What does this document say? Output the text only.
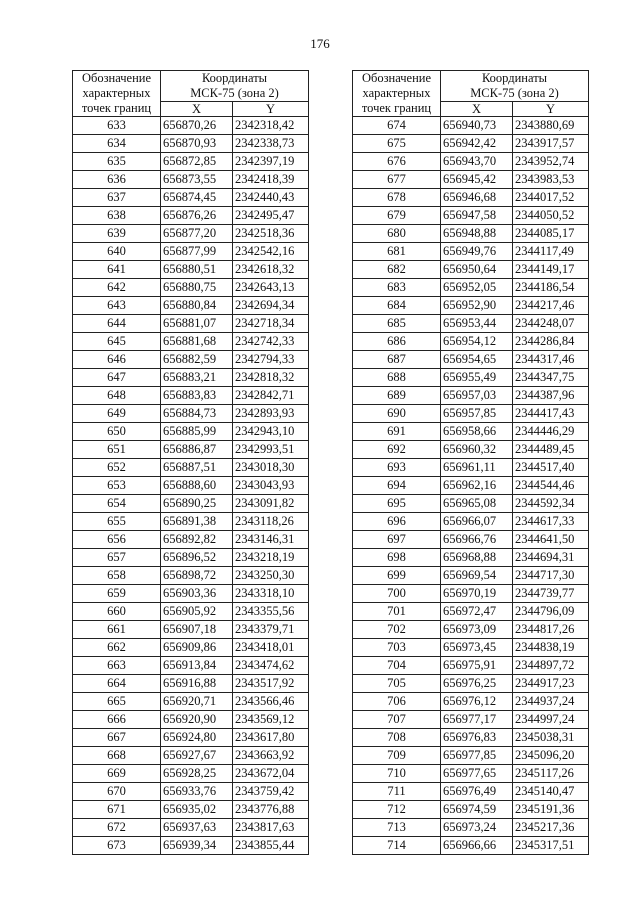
176
Обозначение
характерных
точек границ	Координаты
МСК-75 (зона 2)	
	X	Y
633	656870,26	2342318,42
634	656870,93	2342338,73
635	656872,85	2342397,19
636	656873,55	2342418,39
637	656874,45	2342440,43
638	656876,26	2342495,47
639	656877,20	2342518,36
640	656877,99	2342542,16
641	656880,51	2342618,32
642	656880,75	2342643,13
643	656880,84	2342694,34
644	656881,07	2342718,34
645	656881,68	2342742,33
646	656882,59	2342794,33
647	656883,21	2342818,32
648	656883,83	2342842,71
649	656884,73	2342893,93
650	656885,99	2342943,10
651	656886,87	2342993,51
652	656887,51	2343018,30
653	656888,60	2343043,93
654	656890,25	2343091,82
655	656891,38	2343118,26
656	656892,82	2343146,31
657	656896,52	2343218,19
658	656898,72	2343250,30
659	656903,36	2343318,10
660	656905,92	2343355,56
661	656907,18	2343379,71
662	656909,86	2343418,01
663	656913,84	2343474,62
664	656916,88	2343517,92
665	656920,71	2343566,46
666	656920,90	2343569,12
667	656924,80	2343617,80
668	656927,67	2343663,92
669	656928,25	2343672,04
670	656933,76	2343759,42
671	656935,02	2343776,88
672	656937,63	2343817,63
673	656939,34	2343855,44
Обозначение
характерных
точек границ	Координаты
МСК-75 (зона 2)	
	X	Y
674	656940,73	2343880,69
675	656942,42	2343917,57
676	656943,70	2343952,74
677	656945,42	2343983,53
678	656946,68	2344017,52
679	656947,58	2344050,52
680	656948,88	2344085,17
681	656949,76	2344117,49
682	656950,64	2344149,17
683	656952,05	2344186,54
684	656952,90	2344217,46
685	656953,44	2344248,07
686	656954,12	2344286,84
687	656954,65	2344317,46
688	656955,49	2344347,75
689	656957,03	2344387,96
690	656957,85	2344417,43
691	656958,66	2344446,29
692	656960,32	2344489,45
693	656961,11	2344517,40
694	656962,16	2344544,46
695	656965,08	2344592,34
696	656966,07	2344617,33
697	656966,76	2344641,50
698	656968,88	2344694,31
699	656969,54	2344717,30
700	656970,19	2344739,77
701	656972,47	2344796,09
702	656973,09	2344817,26
703	656973,45	2344838,19
704	656975,91	2344897,72
705	656976,25	2344917,23
706	656976,12	2344937,24
707	656977,17	2344997,24
708	656976,83	2345038,31
709	656977,85	2345096,20
710	656977,65	2345117,26
711	656976,49	2345140,47
712	656974,59	2345191,36
713	656973,24	2345217,36
714	656966,66	2345317,51
